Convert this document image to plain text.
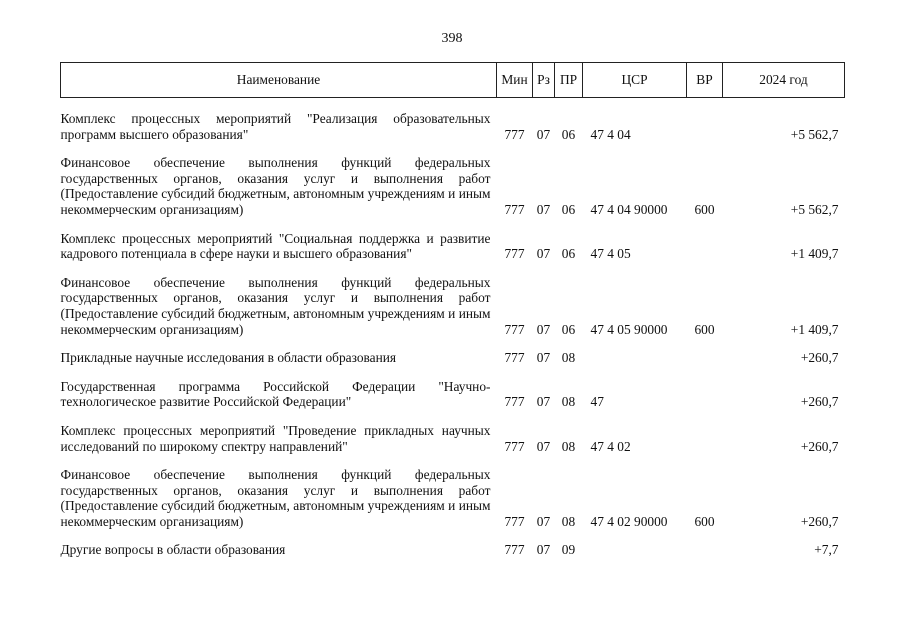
398
Наименование	Мин	Рз	ПР	ЦСР	ВР	2024 год

Комплекс процессных мероприятий "Реализация образовательных программ высшего образования"	777	07	06	47 4 04		+5 562,7

Финансовое обеспечение выполнения функций федеральных государственных органов, оказания услуг и выполнения работ (Предоставление субсидий бюджетным, автономным учреждениям и иным некоммерческим организациям)	777	07	06	47 4 04 90000	600	+5 562,7

Комплекс процессных мероприятий "Социальная поддержка и развитие кадрового потенциала в сфере науки и высшего образования"	777	07	06	47 4 05		+1 409,7

Финансовое обеспечение выполнения функций федеральных государственных органов, оказания услуг и выполнения работ (Предоставление субсидий бюджетным, автономным учреждениям и иным некоммерческим организациям)	777	07	06	47 4 05 90000	600	+1 409,7

Прикладные научные исследования в области образования	777	07	08			+260,7

Государственная программа Российской Федерации "Научно-технологическое развитие Российской Федерации"	777	07	08	47		+260,7

Комплекс процессных мероприятий "Проведение прикладных научных исследований по широкому спектру направлений"	777	07	08	47 4 02		+260,7

Финансовое обеспечение выполнения функций федеральных государственных органов, оказания услуг и выполнения работ (Предоставление субсидий бюджетным, автономным учреждениям и иным некоммерческим организациям)	777	07	08	47 4 02 90000	600	+260,7

Другие вопросы в области образования	777	07	09			+7,7
